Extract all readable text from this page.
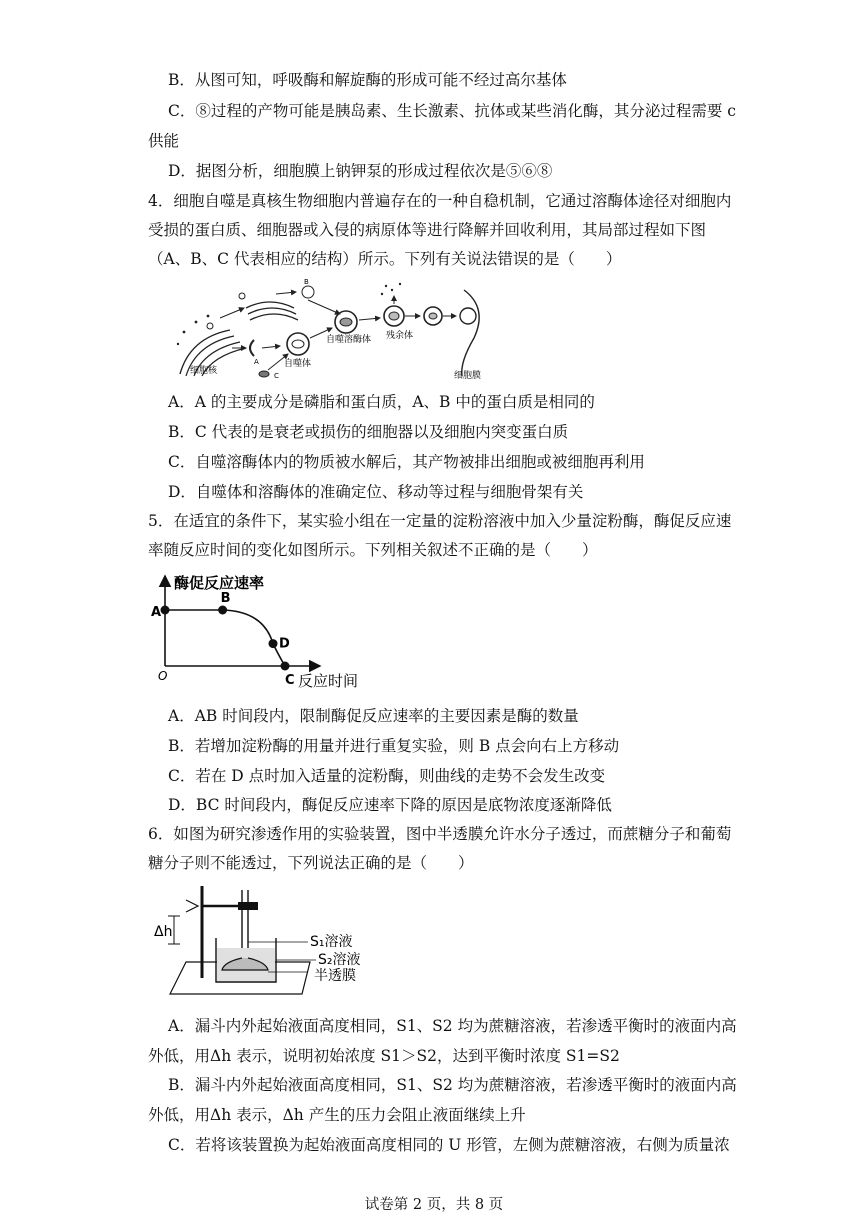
B．从图可知，呼吸酶和解旋酶的形成可能不经过高尔基体
C．⑧过程的产物可能是胰岛素、生长激素、抗体或某些消化酶，其分泌过程需要 c
供能
D．据图分析，细胞膜上钠钾泵的形成过程依次是⑤⑥⑧
4．细胞自噬是真核生物细胞内普遍存在的一种自稳机制，它通过溶酶体途径对细胞内
受损的蛋白质、细胞器或入侵的病原体等进行降解并回收利用，其局部过程如下图
（A、B、C 代表相应的结构）所示。下列有关说法错误的是（　　）
细胞核
B
A	自噬体
C
自噬溶酶体 残余体
细胞膜
A．A 的主要成分是磷脂和蛋白质，A、B 中的蛋白质是相同的
B．C 代表的是衰老或损伤的细胞器以及细胞内突变蛋白质
C．自噬溶酶体内的物质被水解后，其产物被排出细胞或被细胞再利用
D．自噬体和溶酶体的准确定位、移动等过程与细胞骨架有关
5．在适宜的条件下，某实验小组在一定量的淀粉溶液中加入少量淀粉酶，酶促反应速
率随反应时间的变化如图所示。下列相关叙述不正确的是（　　）
酶促反应速率
反应时间
O
A
B
D
C
A．AB 时间段内，限制酶促反应速率的主要因素是酶的数量
B．若增加淀粉酶的用量并进行重复实验，则 B 点会向右上方移动
C．若在 D 点时加入适量的淀粉酶，则曲线的走势不会发生改变
D．BC 时间段内，酶促反应速率下降的原因是底物浓度逐渐降低
6．如图为研究渗透作用的实验装置，图中半透膜允许水分子透过，而蔗糖分子和葡萄
糖分子则不能透过，下列说法正确的是（　　）
Δh
S₁溶液
S₂溶液
半透膜
A．漏斗内外起始液面高度相同，S1、S2 均为蔗糖溶液，若渗透平衡时的液面内高
外低，用Δh 表示，说明初始浓度 S1＞S2，达到平衡时浓度 S1=S2
B．漏斗内外起始液面高度相同，S1、S2 均为蔗糖溶液，若渗透平衡时的液面内高
外低，用Δh 表示，Δh 产生的压力会阻止液面继续上升
C．若将该装置换为起始液面高度相同的 U 形管，左侧为蔗糖溶液，右侧为质量浓
试卷第 2 页，共 8 页
